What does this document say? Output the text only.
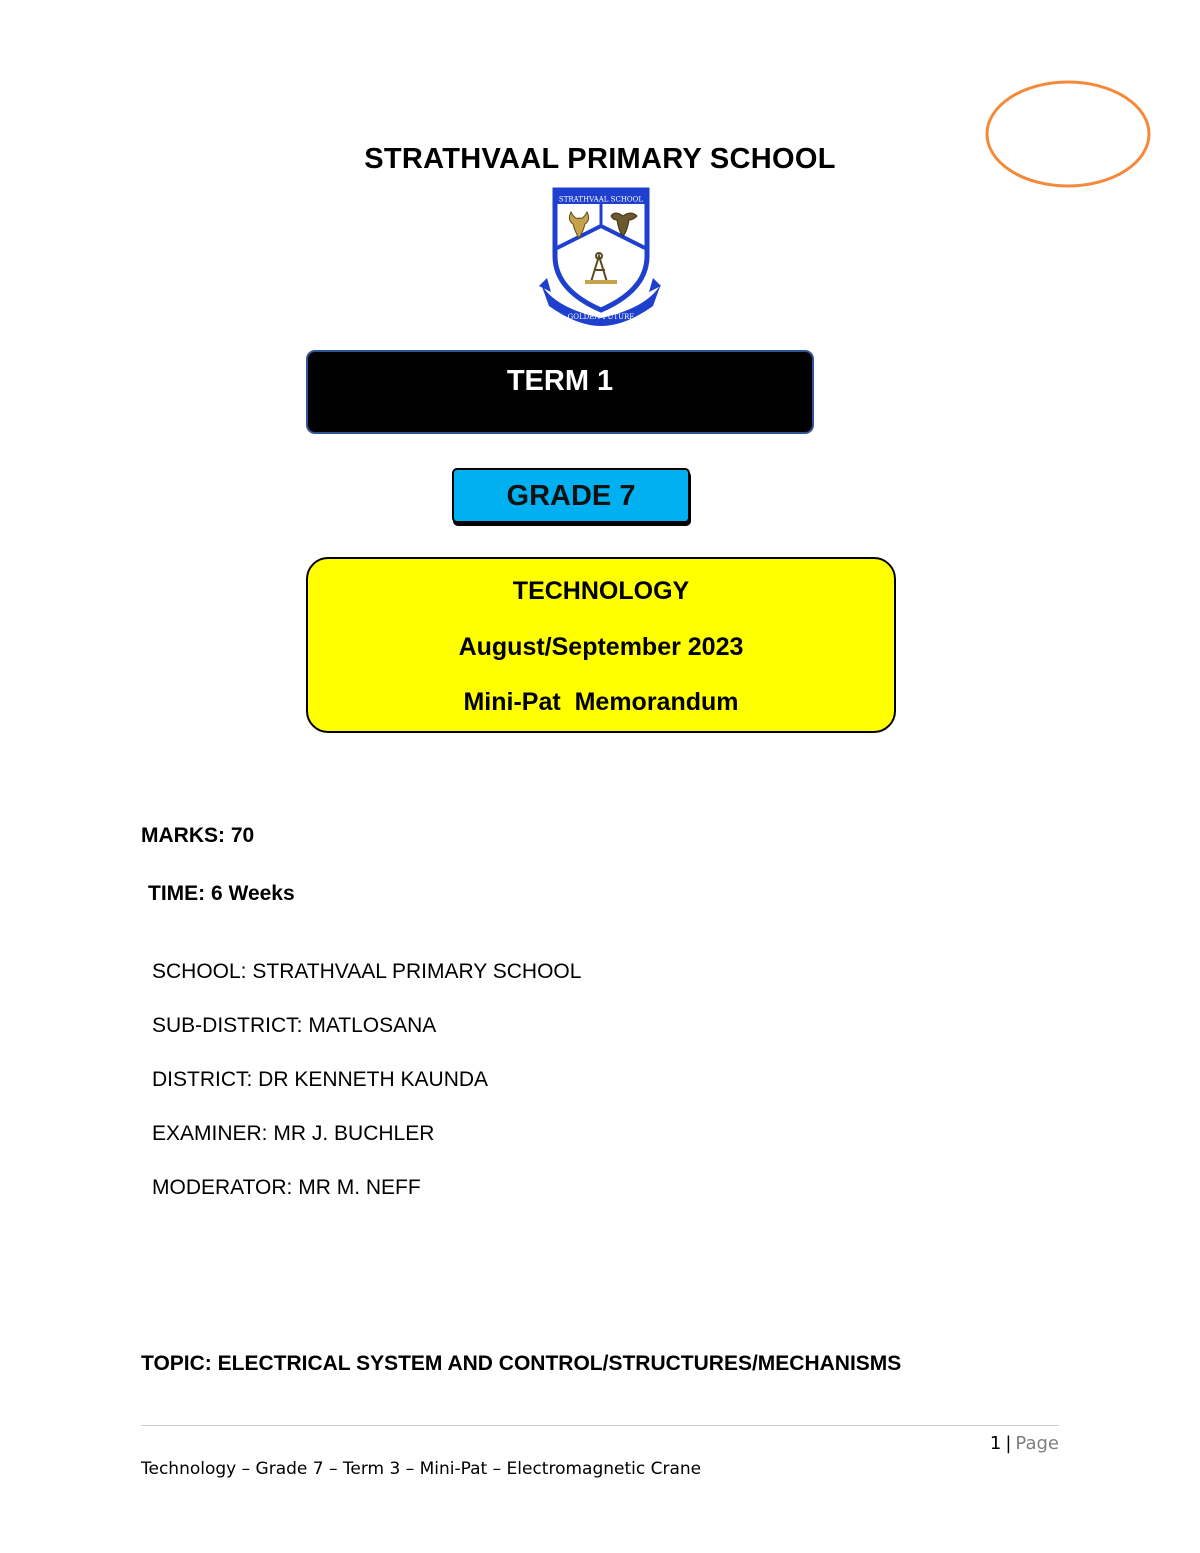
STRATHVAAL PRIMARY SCHOOL
STRATHVAAL SCHOOL
GOLDEN FUTURE
TERM 1
GRADE 7
TECHNOLOGY
August/September 2023
Mini-Pat  Memorandum
MARKS: 70
TIME: 6 Weeks
SCHOOL: STRATHVAAL PRIMARY SCHOOL
SUB-DISTRICT: MATLOSANA
DISTRICT: DR KENNETH KAUNDA
EXAMINER: MR J. BUCHLER
MODERATOR: MR M. NEFF
TOPIC: ELECTRICAL SYSTEM AND CONTROL/STRUCTURES/MECHANISMS
1 | Page
Technology – Grade 7 – Term 3 – Mini-Pat – Electromagnetic Crane
